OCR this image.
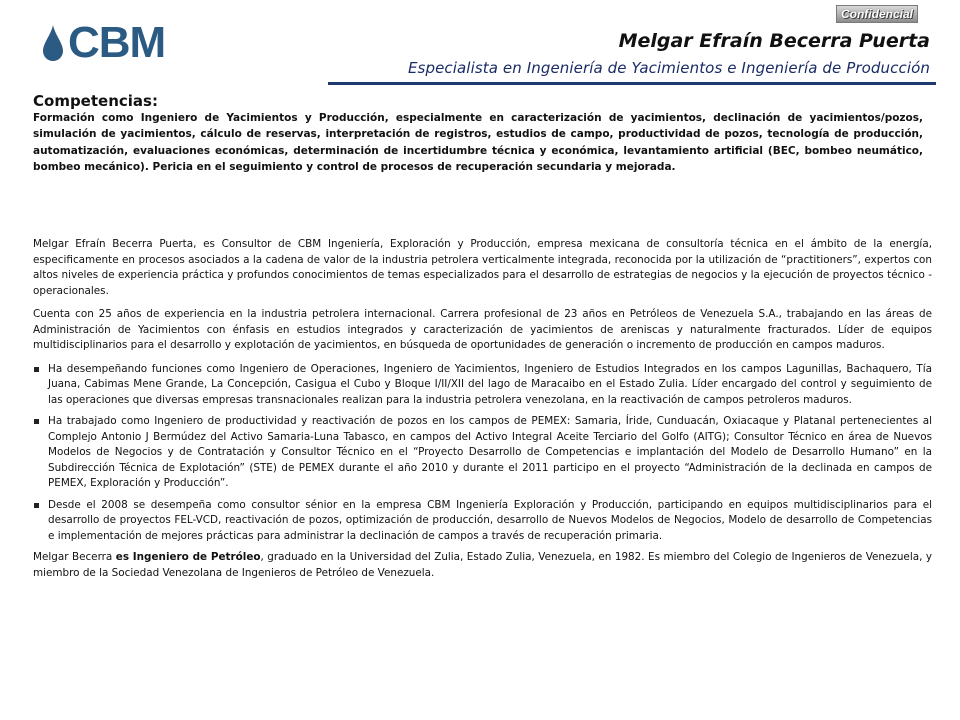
Confidencial
CBM	Melgar Efraín Becerra Puerta
Especialista en Ingeniería de Yacimientos e Ingeniería de Producción
Competencias:
Formación como Ingeniero de Yacimientos y Producción, especialmente en caracterización de yacimientos, declinación de yacimientos/pozos, simulación de yacimientos, cálculo de reservas, interpretación de registros, estudios de campo, productividad de pozos, tecnología de producción, automatización, evaluaciones económicas, determinación de incertidumbre técnica y económica, levantamiento artificial (BEC, bombeo neumático, bombeo mecánico). Pericia en el seguimiento y control de procesos de recuperación secundaria y mejorada.

Melgar Efraín Becerra Puerta, es Consultor de CBM Ingeniería, Exploración y Producción, empresa mexicana de consultoría técnica en el ámbito de la energía, especificamente en procesos asociados a la cadena de valor de la industria petrolera verticalmente integrada, reconocida por la utilización de “practitioners”, expertos con altos niveles de experiencia práctica y profundos conocimientos de temas especializados para el desarrollo de estrategias de negocios y la ejecución de proyectos técnico - operacionales.

Cuenta con 25 años de experiencia en la industria petrolera internacional. Carrera profesional de 23 años en Petróleos de Venezuela S.A., trabajando en las áreas de Administración de Yacimientos con énfasis en estudios integrados y caracterización de yacimientos de areniscas y naturalmente fracturados. Líder de equipos multidisciplinarios para el desarrollo y explotación de yacimientos, en búsqueda de oportunidades de generación o incremento de producción en campos maduros.

Ha desempeñando funciones como Ingeniero de Operaciones, Ingeniero de Yacimientos, Ingeniero de Estudios Integrados en los campos Lagunillas, Bachaquero, Tía Juana, Cabimas Mene Grande, La Concepción, Casigua el Cubo y Bloque I/II/XII del lago de Maracaibo en el Estado Zulia. Líder encargado del control y seguimiento de las operaciones que diversas empresas transnacionales realizan para la industria petrolera venezolana, en la reactivación de campos petroleros maduros.
Ha trabajado como Ingeniero de productividad y reactivación de pozos en los campos de PEMEX: Samaria, Íride, Cunduacán, Oxiacaque y Platanal pertenecientes al Complejo Antonio J Bermúdez del Activo Samaria-Luna Tabasco, en campos del Activo Integral Aceite Terciario del Golfo (AITG); Consultor Técnico en área de Nuevos Modelos de Negocios y de Contratación y Consultor Técnico en el “Proyecto Desarrollo de Competencias e implantación del Modelo de Desarrollo Humano” en la Subdirección Técnica de Explotación” (STE) de PEMEX durante el año 2010 y durante el 2011 participo en el proyecto “Administración de la declinada en campos de PEMEX, Exploración y Producción”.
Desde el 2008 se desempeña como consultor sénior en la empresa CBM Ingeniería Exploración y Producción, participando en equipos multidisciplinarios para el desarrollo de proyectos FEL-VCD, reactivación de pozos, optimización de producción, desarrollo de Nuevos Modelos de Negocios, Modelo de desarrollo de Competencias e implementación de mejores prácticas para administrar la declinación de campos a través de recuperación primaria.

Melgar Becerra es Ingeniero de Petróleo, graduado en la Universidad del Zulia, Estado Zulia, Venezuela, en 1982. Es miembro del Colegio de Ingenieros de Venezuela, y miembro de la Sociedad Venezolana de Ingenieros de Petróleo de Venezuela.
